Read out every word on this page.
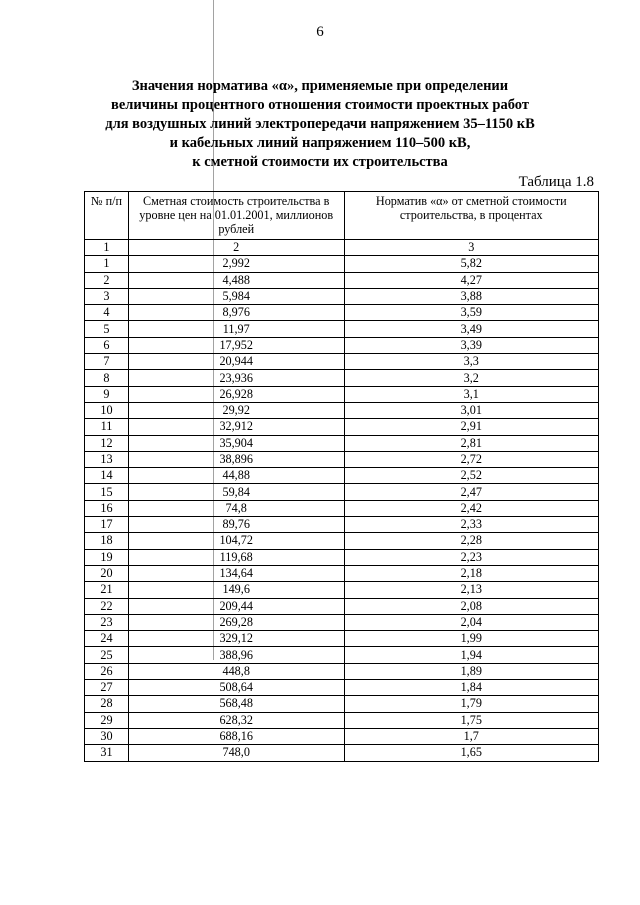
6
Значения норматива «α», применяемые при определении
величины процентного отношения стоимости проектных работ
для воздушных линий электропередачи напряжением 35–1150 кВ
и кабельных линий напряжением 110–500 кВ,
к сметной стоимости их строительства
Таблица 1.8
№ п/п	Сметная стоимость строительства в уровне цен на 01.01.2001, миллионов рублей	Норматив «α» от сметной стоимости строительства, в процентах
1	2	3
1	2,992	5,82
2	4,488	4,27
3	5,984	3,88
4	8,976	3,59
5	11,97	3,49
6	17,952	3,39
7	20,944	3,3
8	23,936	3,2
9	26,928	3,1
10	29,92	3,01
11	32,912	2,91
12	35,904	2,81
13	38,896	2,72
14	44,88	2,52
15	59,84	2,47
16	74,8	2,42
17	89,76	2,33
18	104,72	2,28
19	119,68	2,23
20	134,64	2,18
21	149,6	2,13
22	209,44	2,08
23	269,28	2,04
24	329,12	1,99
25	388,96	1,94
26	448,8	1,89
27	508,64	1,84
28	568,48	1,79
29	628,32	1,75
30	688,16	1,7
31	748,0	1,65
